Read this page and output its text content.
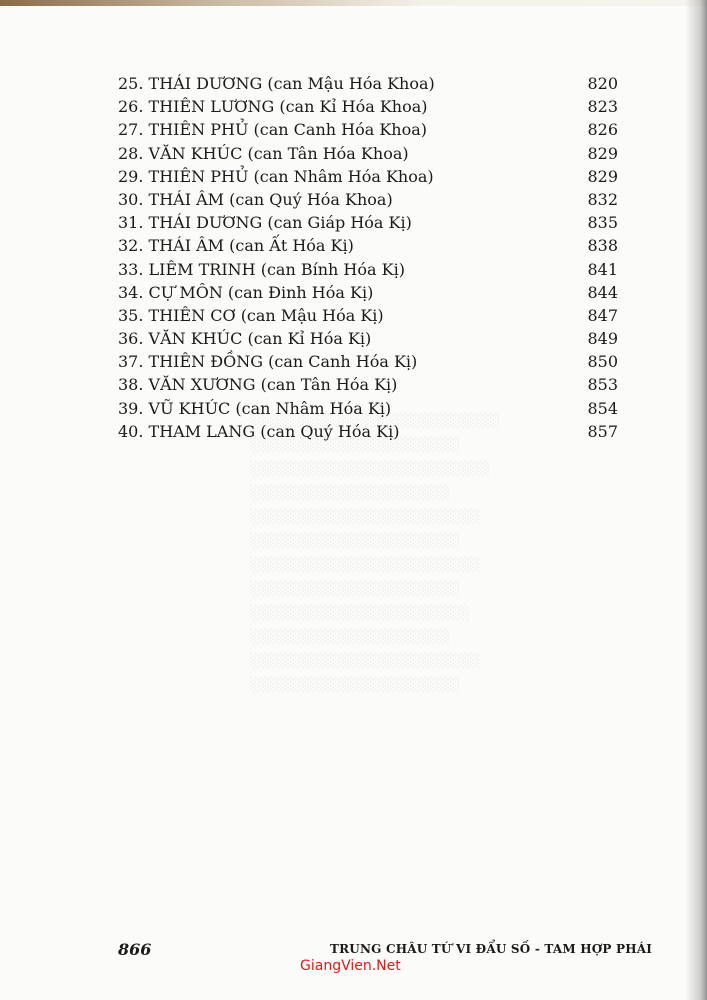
░░░░░░░░░░░░░░░░░░░░░░░░░
░░░░░░░░░░░░░░░░░░░░░
░░░░░░░░░░░░░░░░░░░░░░░░
░░░░░░░░░░░░░░░░░░░░
░░░░░░░░░░░░░░░░░░░░░░░
░░░░░░░░░░░░░░░░░░░░░
░░░░░░░░░░░░░░░░░░░░░░░
░░░░░░░░░░░░░░░░░░░░░
░░░░░░░░░░░░░░░░░░░░░░
░░░░░░░░░░░░░░░░░░░░
░░░░░░░░░░░░░░░░░░░░░░░
░░░░░░░░░░░░░░░░░░░░░
25. THÁI DƯƠNG (can Mậu Hóa Khoa)	820
26. THIÊN LƯƠNG (can Kỉ Hóa Khoa)	823
27. THIÊN PHỦ (can Canh Hóa Khoa)	826
28. VĂN KHÚC (can Tân Hóa Khoa)	829
29. THIÊN PHỦ (can Nhâm Hóa Khoa)	829
30. THÁI ÂM (can Quý Hóa Khoa)	832
31. THÁI DƯƠNG (can Giáp Hóa Kị)	835
32. THÁI ÂM (can Ất Hóa Kị)	838
33. LIÊM TRINH (can Bính Hóa Kị)	841
34. CỰ MÔN (can Đinh Hóa Kị)	844
35. THIÊN CƠ (can Mậu Hóa Kị)	847
36. VĂN KHÚC (can Kỉ Hóa Kị)	849
37. THIÊN ĐỒNG (can Canh Hóa Kị)	850
38. VĂN XƯƠNG (can Tân Hóa Kị)	853
39. VŨ KHÚC (can Nhâm Hóa Kị)	854
40. THAM LANG (can Quý Hóa Kị)	857
866	TRUNG CHÂU TỨ VI ĐẨU SỐ - TAM HỢP PHÁI
GiangVien.Net
